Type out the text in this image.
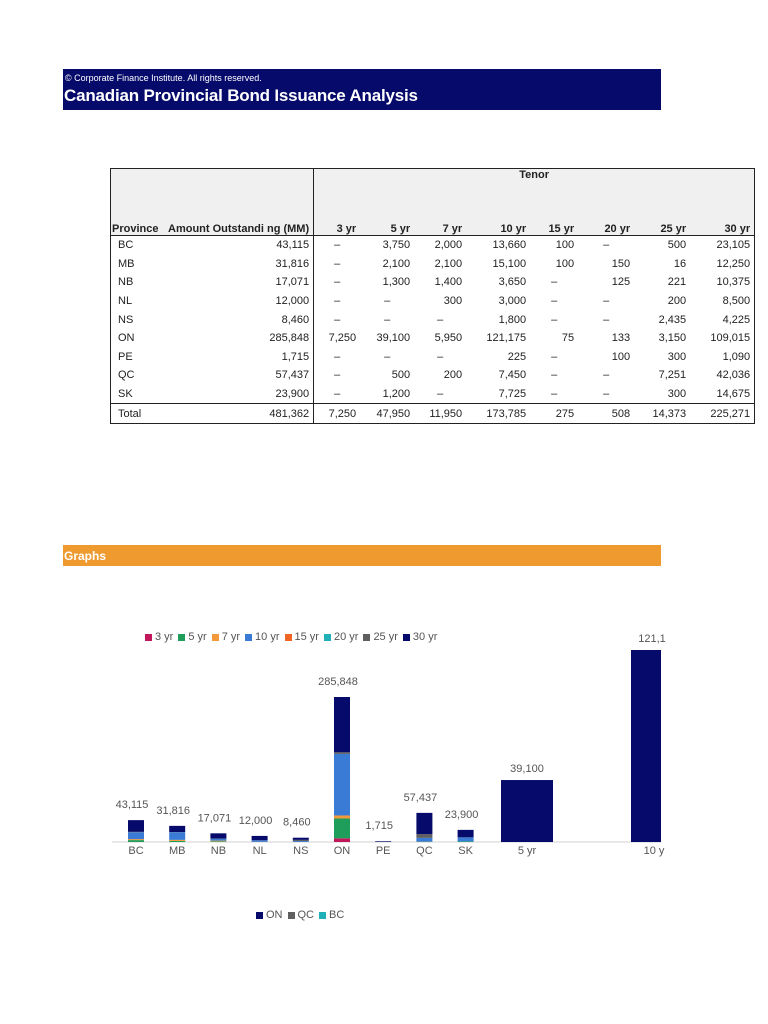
© Corporate Finance Institute. All rights reserved.
Canadian Provincial Bond Issuance Analysis
Province	Amount Outstandi ng (MM)	Tenor							
		3 yr	5 yr	7 yr	10 yr	15 yr	20 yr	25 yr	30 yr
BC	43,115	–	3,750	2,000	13,660	100	–	500	23,105
MB	31,816	–	2,100	2,100	15,100	100	150	16	12,250
NB	17,071	–	1,300	1,400	3,650	–	125	221	10,375
NL	12,000	–	–	300	3,000	–	–	200	8,500
NS	8,460	–	–	–	1,800	–	–	2,435	4,225
ON	285,848	7,250	39,100	5,950	121,175	75	133	3,150	109,015
PE	1,715	–	–	–	225	–	100	300	1,090
QC	57,437	–	500	200	7,450	–	–	7,251	42,036
SK	23,900	–	1,200	–	7,725	–	–	300	14,675
Total	481,362	7,250	47,950	11,950	173,785	275	508	14,373	225,271
Graphs
3 yr 5 yr 7 yr 10 yr 15 yr 20 yr 25 yr 30 yr
43,115
BC
31,816
MB
17,071
NB
12,000
NL
8,460
NS
285,848
ON
1,715
PE
57,437
QC
23,900
SK
39,100
5 yr
121,1
10 y
ON QC BC
